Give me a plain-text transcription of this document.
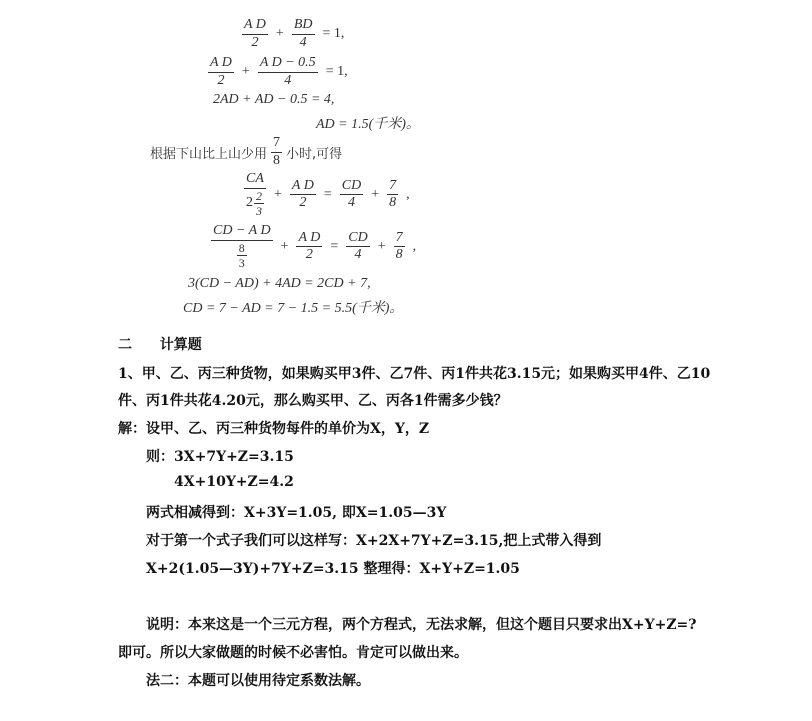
$\frac{\text{A D}}{2} + \frac{BD}{4} = 1$,
$\frac{\text{A D}}{2} + \frac{\text{A D − 0.5}}{4} = 1$,
2AD + AD − 0.5 = 4,
AD = 1.5(千米)。
根据下山比上山少用 $\frac{7}{8}$ 小时,可得
$\frac{CA}{2 \frac{2}{3}} + \frac{\text{A D}}{2} = \frac{CD}{4} + \frac{7}{8}$ ,
$\frac{\text{CD − A D}}{\frac{8}{3}} + \frac{\text{A D}}{2} = \frac{CD}{4} + \frac{7}{8}$ ,
3(CD − AD) + 4AD = 2CD + 7,
CD = 7 − AD = 7 − 1.5 = 5.5(千米)。
二 计算题
1、甲、乙、丙三种货物，如果购买甲3件、乙7件、丙1件共花3.15元；如果购买甲4件、乙10
件、丙1件共花4.20元，那么购买甲、乙、丙各1件需多少钱？
解：设甲、乙、丙三种货物每件的单价为X，Y，Z
则：3X+7Y+Z=3.15
4X+10Y+Z=4.2
两式相减得到：X+3Y=1.05, 即X=1.05—3Y
对于第一个式子我们可以这样写：X+2X+7Y+Z=3.15,把上式带入得到
X+2(1.05—3Y)+7Y+Z=3.15 整理得：X+Y+Z=1.05
说明：本来这是一个三元方程，两个方程式，无法求解，但这个题目只要求出X+Y+Z=?
即可。所以大家做题的时候不必害怕。肯定可以做出来。
法二：本题可以使用待定系数法解。
